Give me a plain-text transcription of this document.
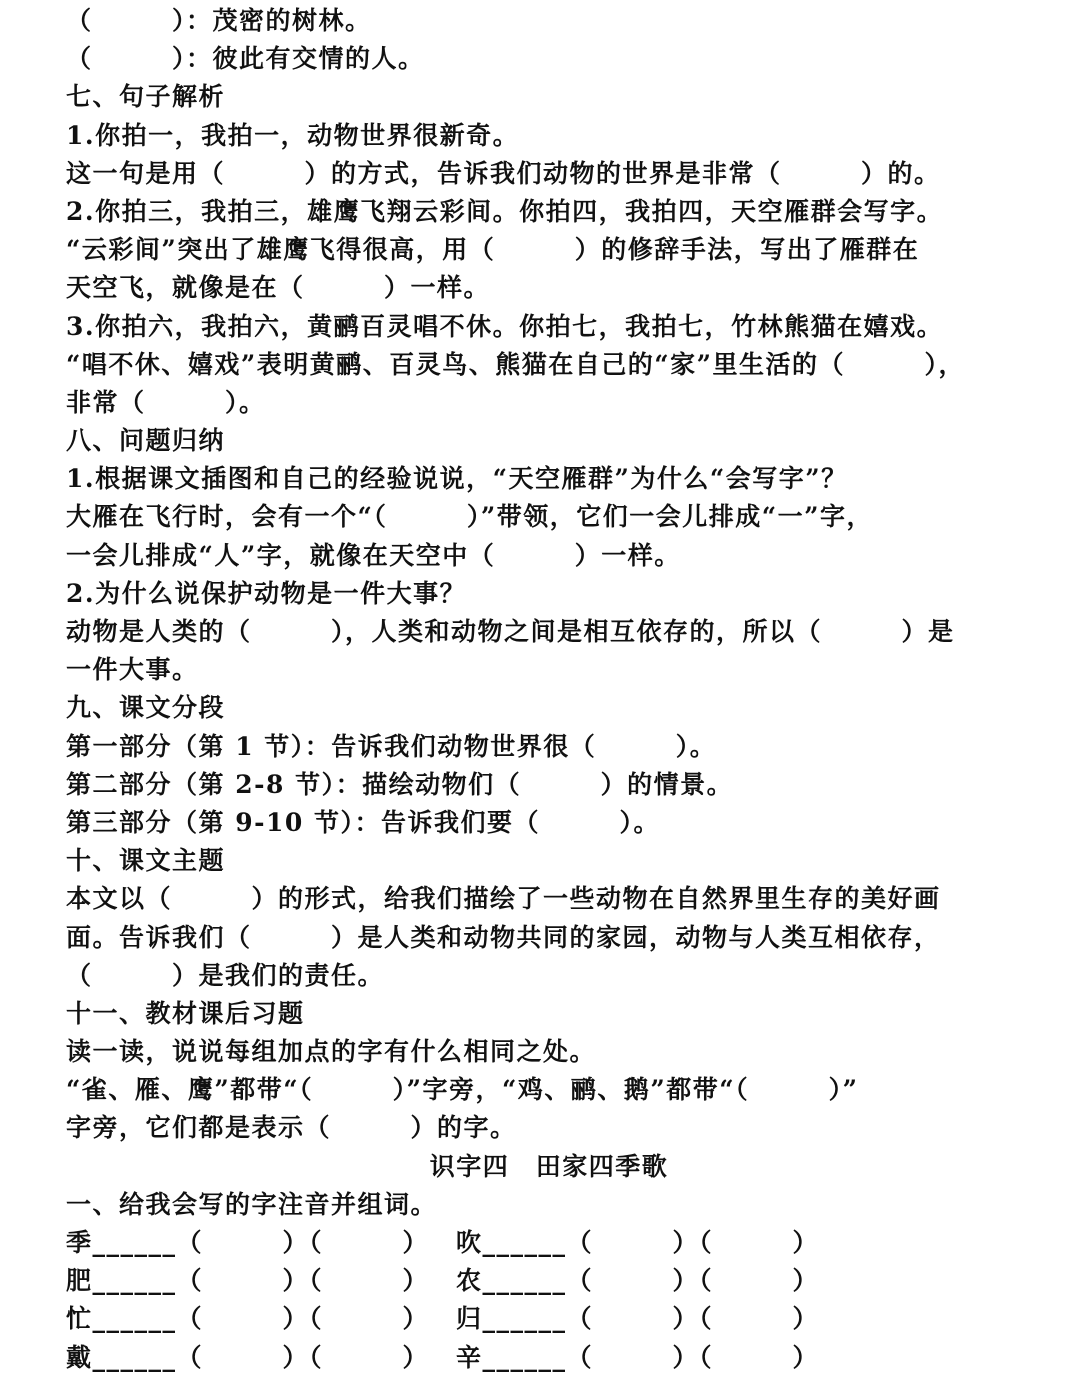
（　　　）：茂密的树林。
（　　　）：彼此有交情的人。
七、句子解析
1.你拍一，我拍一，动物世界很新奇。
这一句是用（　　　）的方式，告诉我们动物的世界是非常（　　　）的。
2.你拍三，我拍三，雄鹰飞翔云彩间。你拍四，我拍四，天空雁群会写字。
“云彩间”突出了雄鹰飞得很高，用（　　　）的修辞手法，写出了雁群在
天空飞，就像是在（　　　）一样。
3.你拍六，我拍六，黄鹂百灵唱不休。你拍七，我拍七，竹林熊猫在嬉戏。
“唱不休、嬉戏”表明黄鹂、百灵鸟、熊猫在自己的“家”里生活的（　　　），
非常（　　　）。
八、问题归纳
1.根据课文插图和自己的经验说说，“天空雁群”为什么“会写字”？
大雁在飞行时，会有一个“（　　　）”带领，它们一会儿排成“一”字，
一会儿排成“人”字，就像在天空中（　　　）一样。
2.为什么说保护动物是一件大事？
动物是人类的（　　　），人类和动物之间是相互依存的，所以（　　　）是
一件大事。
九、课文分段
第一部分（第 1 节）：告诉我们动物世界很（　　　）。
第二部分（第 2-8 节）：描绘动物们（　　　）的情景。
第三部分（第 9-10 节）：告诉我们要（　　　）。
十、课文主题
本文以（　　　）的形式，给我们描绘了一些动物在自然界里生存的美好画
面。告诉我们（　　　）是人类和动物共同的家园，动物与人类互相依存，
（　　　）是我们的责任。
十一、教材课后习题
读一读，说说每组加点的字有什么相同之处。
“雀、雁、鹰”都带“（　　　）”字旁，“鸡、鹂、鹅”都带“（　　　）”
字旁，它们都是表示（　　　）的字。
识字四　田家四季歌
一、给我会写的字注音并组词。
季______（　　　）（　　　）	吹______（　　　）（　　　）
肥______（　　　）（　　　）	农______（　　　）（　　　）
忙______（　　　）（　　　）	归______（　　　）（　　　）
戴______（　　　）（　　　）	辛______（　　　）（　　　）
